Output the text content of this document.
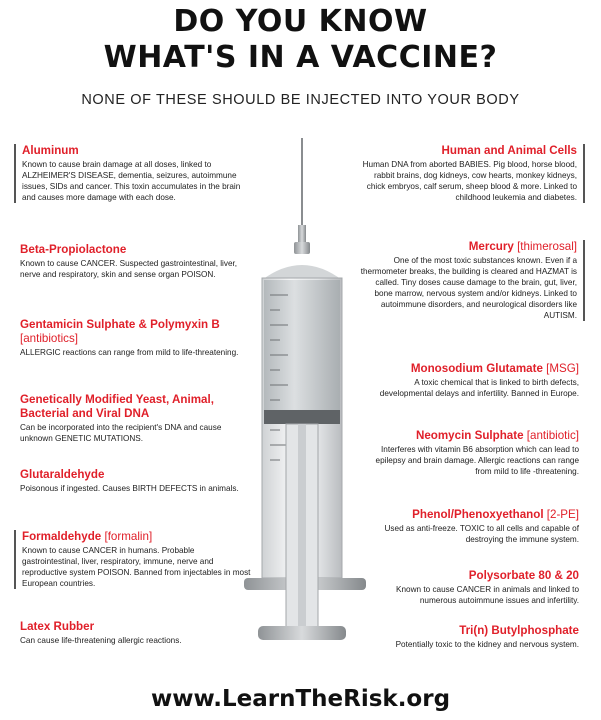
DO YOU KNOW
WHAT'S IN A VACCINE?
NONE OF THESE SHOULD BE INJECTED INTO YOUR BODY
Aluminum
Known to cause brain damage at all doses, linked to ALZHEIMER'S DISEASE, dementia, seizures, autoimmune issues, SIDs and cancer. This toxin accumulates in the brain and causes more damage with each dose.
Beta-Propiolactone
Known to cause CANCER. Suspected gastrointestinal, liver, nerve and respiratory, skin and sense organ POISON.
Gentamicin Sulphate & Polymyxin B [antibiotics]
ALLERGIC reactions can range from mild to life-threatening.
Genetically Modified Yeast, Animal, Bacterial and Viral DNA
Can be incorporated into the recipient's DNA and cause unknown GENETIC MUTATIONS.
Glutaraldehyde
Poisonous if ingested. Causes BIRTH DEFECTS in animals.
Formaldehyde [formalin]
Known to cause CANCER in humans. Probable gastrointestinal, liver, respiratory, immune, nerve and reproductive system POISON. Banned from injectables in most European countries.
Latex Rubber
Can cause life-threatening allergic reactions.
Human and Animal Cells
Human DNA from aborted BABIES. Pig blood, horse blood, rabbit brains, dog kidneys, cow hearts, monkey kidneys, chick embryos, calf serum, sheep blood & more. Linked to childhood leukemia and diabetes.
Mercury [thimerosal]
One of the most toxic substances known. Even if a thermometer breaks, the building is cleared and HAZMAT is called. Tiny doses cause damage to the brain, gut, liver, bone marrow, nervous system and/or kidneys. Linked to autoimmune disorders, and neurological disorders like AUTISM.
Monosodium Glutamate [MSG]
A toxic chemical that is linked to birth defects, developmental delays and infertility. Banned in Europe.
Neomycin Sulphate [antibiotic]
Interferes with vitamin B6 absorption which can lead to epilepsy and brain damage. Allergic reactions can range from mild to life -threatening.
Phenol/Phenoxyethanol [2-PE]
Used as anti-freeze. TOXIC to all cells and capable of destroying the immune system.
Polysorbate 80 & 20
Known to cause CANCER in animals and linked to numerous autoimmune issues and infertility.
Tri(n) Butylphosphate
Potentially toxic to the kidney and nervous system.
www.LearnTheRisk.org
